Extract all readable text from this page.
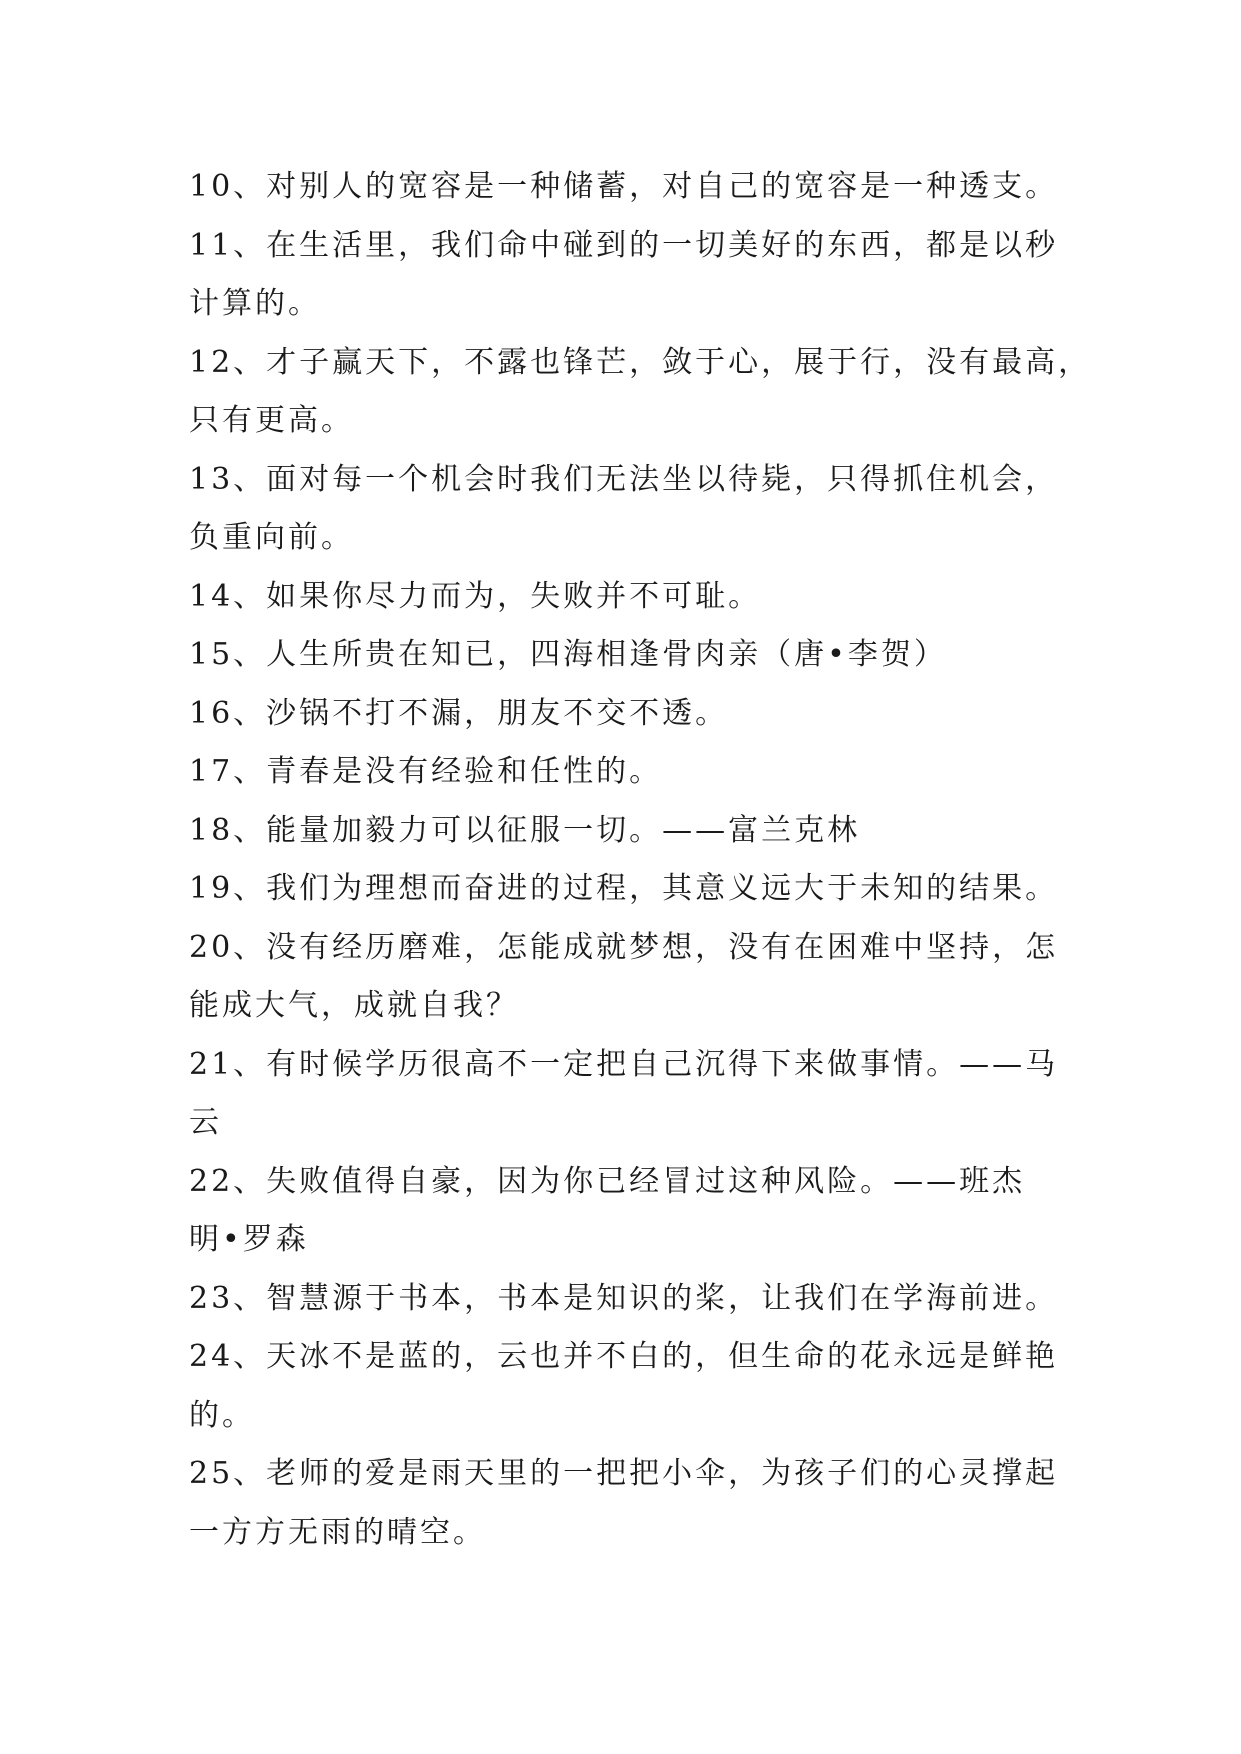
10、对别人的宽容是一种储蓄，对自己的宽容是一种透支。
11、在生活里，我们命中碰到的一切美好的东西，都是以秒
计算的。
12、才子赢天下，不露也锋芒，敛于心，展于行，没有最高，
只有更高。
13、面对每一个机会时我们无法坐以待毙，只得抓住机会，
负重向前。
14、如果你尽力而为，失败并不可耻。
15、人生所贵在知已，四海相逢骨肉亲（唐•李贺）
16、沙锅不打不漏，朋友不交不透。
17、青春是没有经验和任性的。
18、能量加毅力可以征服一切。——富兰克林
19、我们为理想而奋进的过程，其意义远大于未知的结果。
20、没有经历磨难，怎能成就梦想，没有在困难中坚持，怎
能成大气，成就自我？
21、有时候学历很高不一定把自己沉得下来做事情。——马
云
22、失败值得自豪，因为你已经冒过这种风险。——班杰
明•罗森
23、智慧源于书本，书本是知识的桨，让我们在学海前进。
24、天冰不是蓝的，云也并不白的，但生命的花永远是鲜艳
的。
25、老师的爱是雨天里的一把把小伞，为孩子们的心灵撑起
一方方无雨的晴空。
